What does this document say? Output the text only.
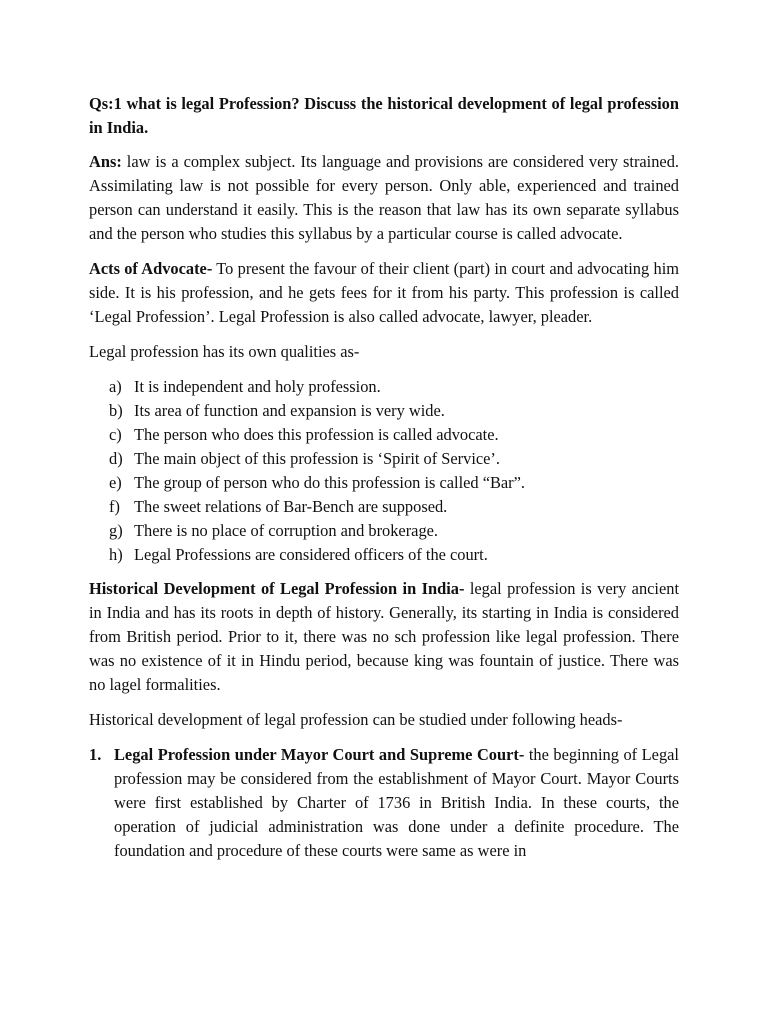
Qs:1 what is legal Profession? Discuss the historical development of legal profession in India.

Ans: law is a complex subject. Its language and provisions are considered very strained. Assimilating law is not possible for every person. Only able, experienced and trained person can understand it easily. This is the reason that law has its own separate syllabus and the person who studies this syllabus by a particular course is called advocate.

Acts of Advocate- To present the favour of their client (part) in court and advocating him side. It is his profession, and he gets fees for it from his party. This profession is called ‘Legal Profession’. Legal Profession is also called advocate, lawyer, pleader.

Legal profession has its own qualities as-

a) It is independent and holy profession.
b) Its area of function and expansion is very wide.
c) The person who does this profession is called advocate.
d) The main object of this profession is ‘Spirit of Service’.
e) The group of person who do this profession is called “Bar”.
f) The sweet relations of Bar-Bench are supposed.
g) There is no place of corruption and brokerage.
h) Legal Professions are considered officers of the court.

Historical Development of Legal Profession in India- legal profession is very ancient in India and has its roots in depth of history. Generally, its starting in India is considered from British period. Prior to it, there was no sch profession like legal profession. There was no existence of it in Hindu period, because king was fountain of justice. There was no lagel formalities.

Historical development of legal profession can be studied under following heads-

1. Legal Profession under Mayor Court and Supreme Court- the beginning of Legal profession may be considered from the establishment of Mayor Court. Mayor Courts were first established by Charter of 1736 in British India. In these courts, the operation of judicial administration was done under a definite procedure. The foundation and procedure of these courts were same as were in
